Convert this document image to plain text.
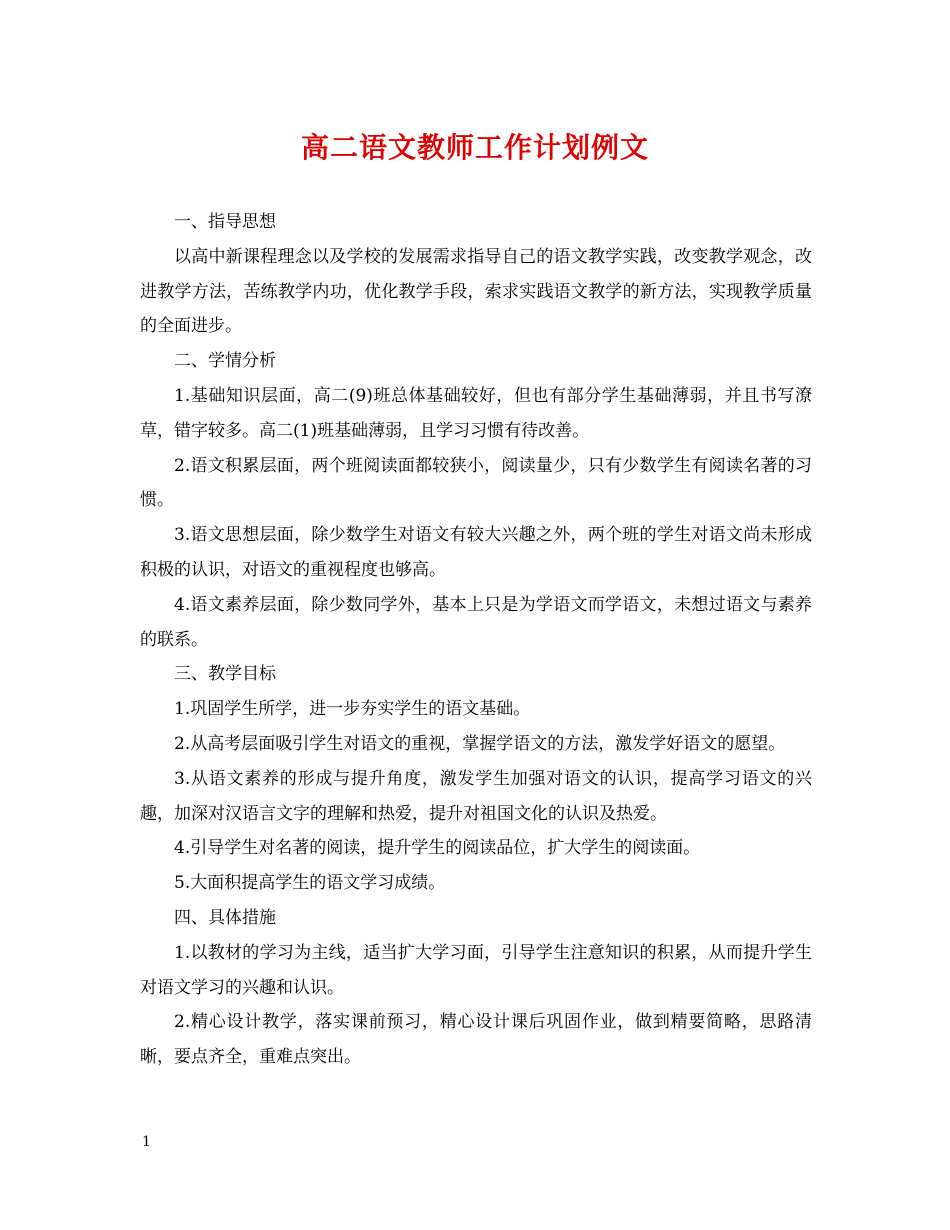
高二语文教师工作计划例文

一、指导思想

以高中新课程理念以及学校的发展需求指导自己的语文教学实践，改变教学观念，改进教学方法，苦练教学内功，优化教学手段，索求实践语文教学的新方法，实现教学质量的全面进步。

二、学情分析

1.基础知识层面，高二(9)班总体基础较好，但也有部分学生基础薄弱，并且书写潦草，错字较多。高二(1)班基础薄弱，且学习习惯有待改善。

2.语文积累层面，两个班阅读面都较狭小，阅读量少，只有少数学生有阅读名著的习惯。

3.语文思想层面，除少数学生对语文有较大兴趣之外，两个班的学生对语文尚未形成积极的认识，对语文的重视程度也够高。

4.语文素养层面，除少数同学外，基本上只是为学语文而学语文，未想过语文与素养的联系。

三、教学目标

1.巩固学生所学，进一步夯实学生的语文基础。

2.从高考层面吸引学生对语文的重视，掌握学语文的方法，激发学好语文的愿望。

3.从语文素养的形成与提升角度，激发学生加强对语文的认识，提高学习语文的兴趣，加深对汉语言文字的理解和热爱，提升对祖国文化的认识及热爱。

4.引导学生对名著的阅读，提升学生的阅读品位，扩大学生的阅读面。

5.大面积提高学生的语文学习成绩。

四、具体措施

1.以教材的学习为主线，适当扩大学习面，引导学生注意知识的积累，从而提升学生对语文学习的兴趣和认识。

2.精心设计教学，落实课前预习，精心设计课后巩固作业，做到精要简略，思路清晰，要点齐全，重难点突出。

1
